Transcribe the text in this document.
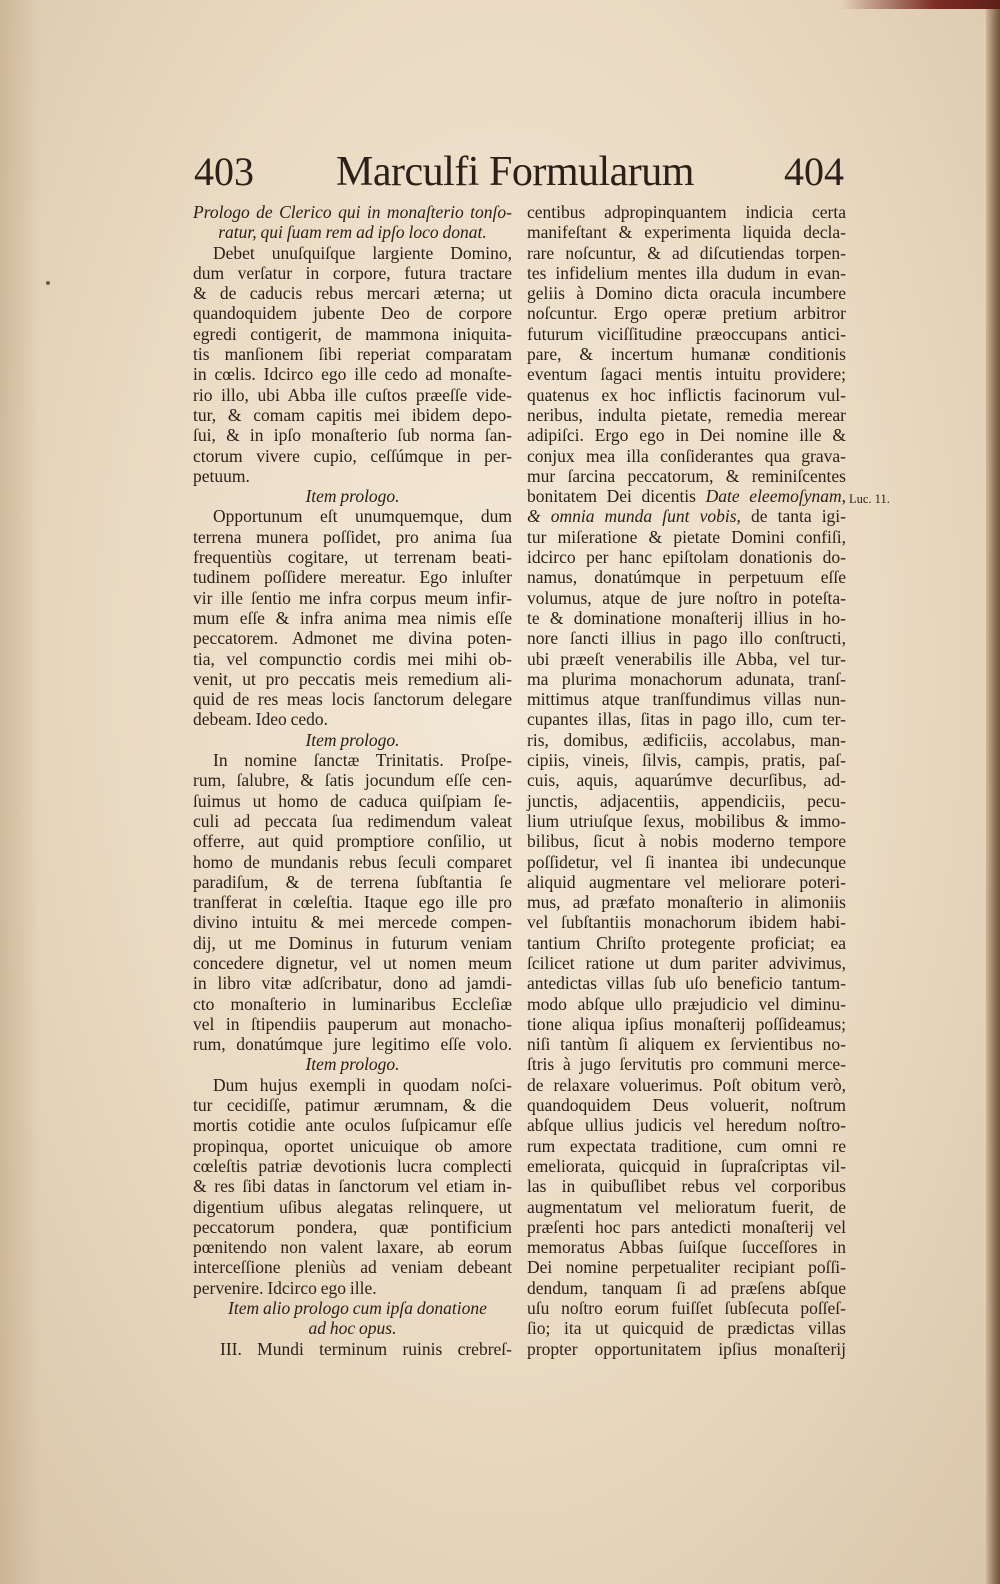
403	Marculfi Formularum	404
Prologo de Clerico qui in monaſterio tonſo-
ratur, qui ſuam rem ad ipſo loco donat.
Debet unuſquiſque largiente Domino,
dum verſatur in corpore, futura tractare
& de caducis rebus mercari æterna; ut
quandoquidem jubente Deo de corpore
egredi contigerit, de mammona iniquita-
tis manſionem ſibi reperiat comparatam
in cœlis. Idcirco ego ille cedo ad monaſte-
rio illo, ubi Abba ille cuſtos præeſſe vide-
tur, & comam capitis mei ibidem depo-
ſui, & in ipſo monaſterio ſub norma ſan-
ctorum vivere cupio, ceſſúmque in per-
petuum.
Item prologo.
Opportunum eſt unumquemque, dum
terrena munera poſſidet, pro anima ſua
frequentiùs cogitare, ut terrenam beati-
tudinem poſſidere mereatur. Ego inluſter
vir ille ſentio me infra corpus meum infir-
mum eſſe & infra anima mea nimis eſſe
peccatorem. Admonet me divina poten-
tia, vel compunctio cordis mei mihi ob-
venit, ut pro peccatis meis remedium ali-
quid de res meas locis ſanctorum delegare
debeam. Ideo cedo.
Item prologo.
In nomine ſanctæ Trinitatis. Proſpe-
rum, ſalubre, & ſatis jocundum eſſe cen-
ſuimus ut homo de caduca quiſpiam ſe-
culi ad peccata ſua redimendum valeat
offerre, aut quid promptiore conſilio, ut
homo de mundanis rebus ſeculi comparet
paradiſum, & de terrena ſubſtantia ſe
tranſferat in cœleſtia. Itaque ego ille pro
divino intuitu & mei mercede compen-
dij, ut me Dominus in futurum veniam
concedere dignetur, vel ut nomen meum
in libro vitæ adſcribatur, dono ad jamdi-
cto monaſterio in luminaribus Eccleſiæ
vel in ſtipendiis pauperum aut monacho-
rum, donatúmque jure legitimo eſſe volo.
Item prologo.
Dum hujus exempli in quodam noſci-
tur cecidiſſe, patimur ærumnam, & die
mortis cotidie ante oculos ſuſpicamur eſſe
propinqua, oportet unicuique ob amore
cœleſtis patriæ devotionis lucra complecti
& res ſibi datas in ſanctorum vel etiam in-
digentium uſibus alegatas relinquere, ut
peccatorum pondera, quæ pontificium
pœnitendo non valent laxare, ab eorum
interceſſione pleniùs ad veniam debeant
pervenire. Idcirco ego ille.
Item alio prologo cum ipſa donatione
ad hoc opus.
III. Mundi terminum ruinis crebreſ-
centibus adpropinquantem indicia certa
manifeſtant & experimenta liquida decla-
rare noſcuntur, & ad diſcutiendas torpen-
tes infidelium mentes illa dudum in evan-
geliis à Domino dicta oracula incumbere
noſcuntur. Ergo operæ pretium arbitror
futurum viciſſitudine præoccupans antici-
pare, & incertum humanæ conditionis
eventum ſagaci mentis intuitu providere;
quatenus ex hoc inflictis facinorum vul-
neribus, indulta pietate, remedia merear
adipiſci. Ergo ego in Dei nomine ille &
conjux mea illa conſiderantes qua grava-
mur ſarcina peccatorum, & reminiſcentes
bonitatem Dei dicentis Date eleemoſynam,
& omnia munda ſunt vobis, de tanta igi-
tur miſeratione & pietate Domini confiſi,
idcirco per hanc epiſtolam donationis do-
namus, donatúmque in perpetuum eſſe
volumus, atque de jure noſtro in poteſta-
te & dominatione monaſterij illius in ho-
nore ſancti illius in pago illo conſtructi,
ubi præeſt venerabilis ille Abba, vel tur-
ma plurima monachorum adunata, tranſ-
mittimus atque tranſfundimus villas nun-
cupantes illas, ſitas in pago illo, cum ter-
ris, domibus, ædificiis, accolabus, man-
cipiis, vineis, ſilvis, campis, pratis, paſ-
cuis, aquis, aquarúmve decurſibus, ad-
junctis, adjacentiis, appendiciis, pecu-
lium utriuſque ſexus, mobilibus & immo-
bilibus, ſicut à nobis moderno tempore
poſſidetur, vel ſi inantea ibi undecunque
aliquid augmentare vel meliorare poteri-
mus, ad præfato monaſterio in alimoniis
vel ſubſtantiis monachorum ibidem habi-
tantium Chriſto protegente proficiat; ea
ſcilicet ratione ut dum pariter advivimus,
antedictas villas ſub uſo beneficio tantum-
modo abſque ullo præjudicio vel diminu-
tione aliqua ipſius monaſterij poſſideamus;
niſi tantùm ſi aliquem ex ſervientibus no-
ſtris à jugo ſervitutis pro communi merce-
de relaxare voluerimus. Poſt obitum verò,
quandoquidem Deus voluerit, noſtrum
abſque ullius judicis vel heredum noſtro-
rum expectata traditione, cum omni re
emeliorata, quicquid in ſupraſcriptas vil-
las in quibuſlibet rebus vel corporibus
augmentatum vel melioratum fuerit, de
præſenti hoc pars antedicti monaſterij vel
memoratus Abbas ſuiſque ſucceſſores in
Dei nomine perpetualiter recipiant poſſi-
dendum, tanquam ſi ad præſens abſque
uſu noſtro eorum fuiſſet ſubſecuta poſſeſ-
ſio; ita ut quicquid de prædictas villas
propter opportunitatem ipſius monaſterij
Luc. 11.
